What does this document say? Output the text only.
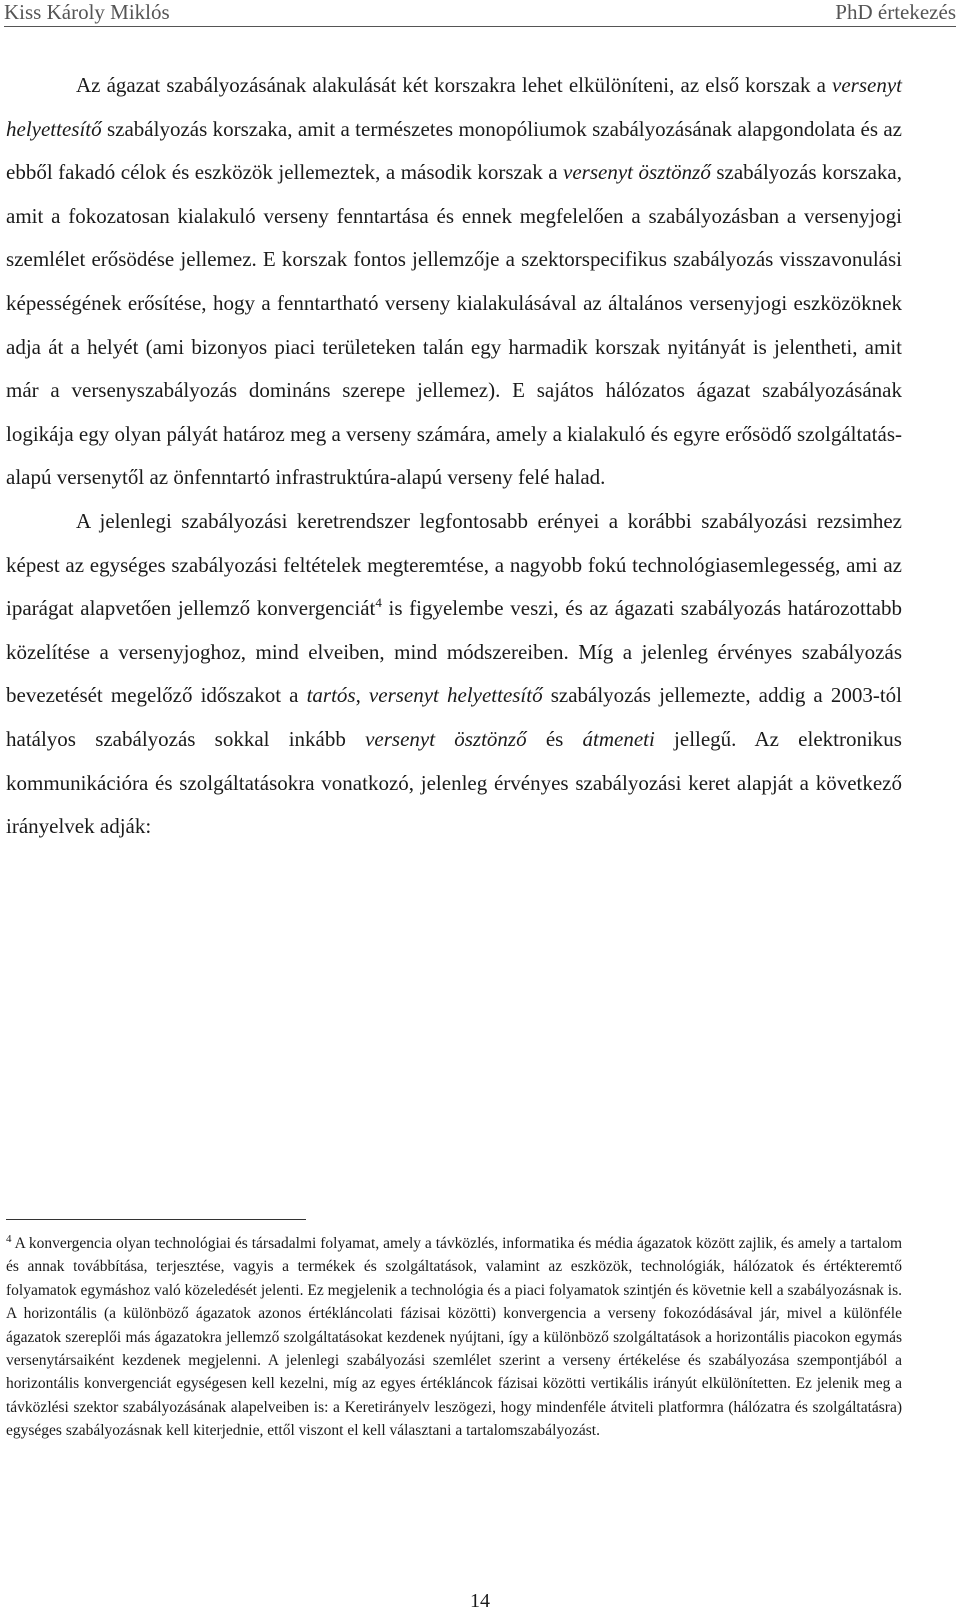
Kiss Károly Miklós	PhD értekezés

Az ágazat szabályozásának alakulását két korszakra lehet elkülöníteni, az első korszak a versenyt helyettesítő szabályozás korszaka, amit a természetes monopóliumok szabályozásának alapgondolata és az ebből fakadó célok és eszközök jellemeztek, a második korszak a versenyt ösztönző szabályozás korszaka, amit a fokozatosan kialakuló verseny fenntartása és ennek megfelelően a szabályozásban a versenyjogi szemlélet erősödése jellemez. E korszak fontos jellemzője a szektorspecifikus szabályozás visszavonulási képességének erősítése, hogy a fenntartható verseny kialakulásával az általános versenyjogi eszközöknek adja át a helyét (ami bizonyos piaci területeken talán egy harmadik korszak nyitányát is jelentheti, amit már a versenyszabályozás domináns szerepe jellemez). E sajátos hálózatos ágazat szabályozásának logikája egy olyan pályát határoz meg a verseny számára, amely a kialakuló és egyre erősödő szolgáltatás-alapú versenytől az önfenntartó infrastruktúra-alapú verseny felé halad.

A jelenlegi szabályozási keretrendszer legfontosabb erényei a korábbi szabályozási rezsimhez képest az egységes szabályozási feltételek megteremtése, a nagyobb fokú technológiasemlegesség, ami az iparágat alapvetően jellemző konvergenciát$^4$ is figyelembe veszi, és az ágazati szabályozás határozottabb közelítése a versenyjoghoz, mind elveiben, mind módszereiben. Míg a jelenleg érvényes szabályozás bevezetését megelőző időszakot a tartós, versenyt helyettesítő szabályozás jellemezte, addig a 2003-tól hatályos szabályozás sokkal inkább versenyt ösztönző és átmeneti jellegű. Az elektronikus kommunikációra és szolgáltatásokra vonatkozó, jelenleg érvényes szabályozási keret alapját a következő irányelvek adják:

$^4$ A konvergencia olyan technológiai és társadalmi folyamat, amely a távközlés, informatika és média ágazatok között zajlik, és amely a tartalom és annak továbbítása, terjesztése, vagyis a termékek és szolgáltatások, valamint az eszközök, technológiák, hálózatok és értékteremtő folyamatok egymáshoz való közeledését jelenti. Ez megjelenik a technológia és a piaci folyamatok szintjén és követnie kell a szabályozásnak is. A horizontális (a különböző ágazatok azonos értékláncolati fázisai közötti) konvergencia a verseny fokozódásával jár, mivel a különféle ágazatok szereplői más ágazatokra jellemző szolgáltatásokat kezdenek nyújtani, így a különböző szolgáltatások a horizontális piacokon egymás versenytársaiként kezdenek megjelenni. A jelenlegi szabályozási szemlélet szerint a verseny értékelése és szabályozása szempontjából a horizontális konvergenciát egységesen kell kezelni, míg az egyes értékláncok fázisai közötti vertikális irányút elkülönítetten. Ez jelenik meg a távközlési szektor szabályozásának alapelveiben is: a Keretirányelv leszögezi, hogy mindenféle átviteli platformra (hálózatra és szolgáltatásra) egységes szabályozásnak kell kiterjednie, ettől viszont el kell választani a tartalomszabályozást.

14
